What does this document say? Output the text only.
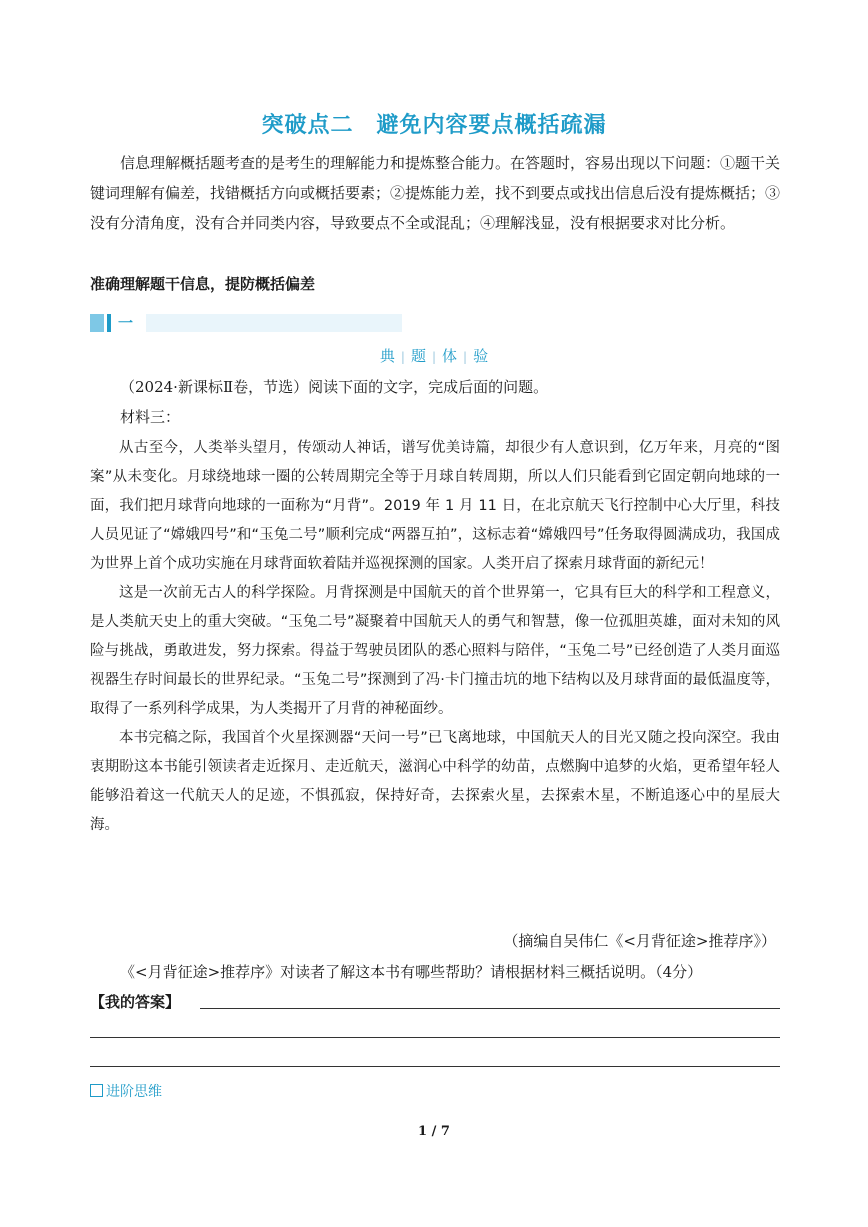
突破点二　避免内容要点概括疏漏
信息理解概括题考查的是考生的理解能力和提炼整合能力。在答题时，容易出现以下问题：①题干关键词理解有偏差，找错概括方向或概括要素；②提炼能力差，找不到要点或找出信息后没有提炼概括；③没有分清角度，没有合并同类内容，导致要点不全或混乱；④理解浅显，没有根据要求对比分析。
准确理解题干信息，提防概括偏差
一
典 | 题 | 体 | 验
（2024·新课标Ⅱ卷，节选）阅读下面的文字，完成后面的问题。
材料三：

从古至今，人类举头望月，传颂动人神话，谱写优美诗篇，却很少有人意识到，亿万年来，月亮的“图案”从未变化。月球绕地球一圈的公转周期完全等于月球自转周期，所以人们只能看到它固定朝向地球的一面，我们把月球背向地球的一面称为“月背”。2019 年 1 月 11 日，在北京航天飞行控制中心大厅里，科技人员见证了“嫦娥四号”和“玉兔二号”顺利完成“两器互拍”，这标志着“嫦娥四号”任务取得圆满成功，我国成为世界上首个成功实施在月球背面软着陆并巡视探测的国家。人类开启了探索月球背面的新纪元！

这是一次前无古人的科学探险。月背探测是中国航天的首个世界第一，它具有巨大的科学和工程意义，是人类航天史上的重大突破。“玉兔二号”凝聚着中国航天人的勇气和智慧，像一位孤胆英雄，面对未知的风险与挑战，勇敢进发，努力探索。得益于驾驶员团队的悉心照料与陪伴，“玉兔二号”已经创造了人类月面巡视器生存时间最长的世界纪录。“玉兔二号”探测到了冯·卡门撞击坑的地下结构以及月球背面的最低温度等，取得了一系列科学成果，为人类揭开了月背的神秘面纱。

本书完稿之际，我国首个火星探测器“天问一号”已飞离地球，中国航天人的目光又随之投向深空。我由衷期盼这本书能引领读者走近探月、走近航天，滋润心中科学的幼苗，点燃胸中追梦的火焰，更希望年轻人能够沿着这一代航天人的足迹，不惧孤寂，保持好奇，去探索火星，去探索木星，不断追逐心中的星辰大海。

（摘编自吴伟仁《<月背征途>推荐序》）
《<月背征途>推荐序》对读者了解这本书有哪些帮助？请根据材料三概括说明。（4分）
【我的答案】
进阶思维
1 / 7
